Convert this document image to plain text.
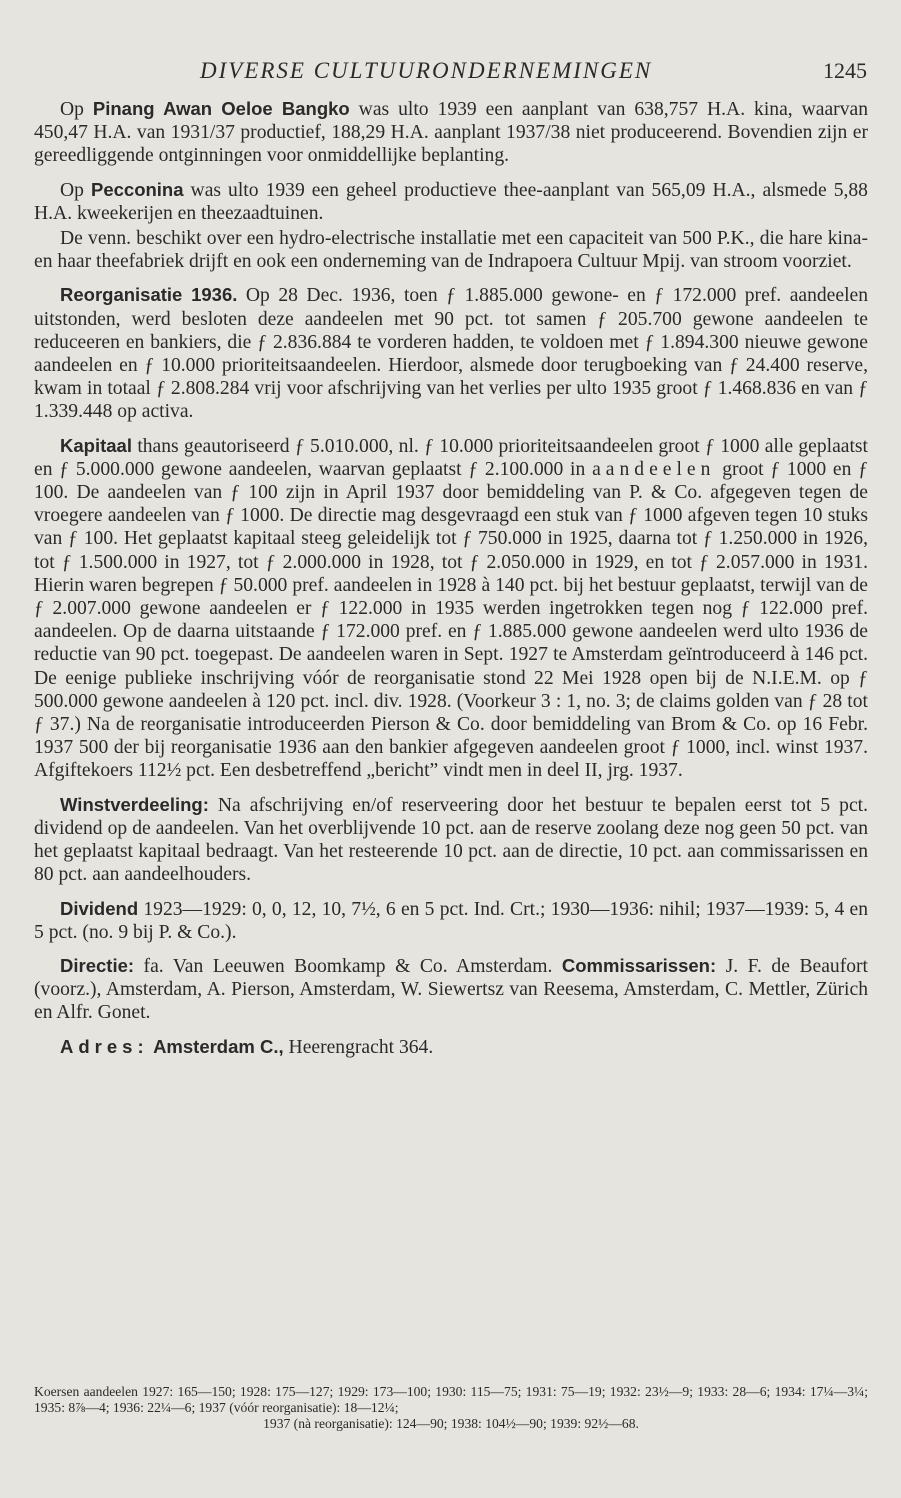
DIVERSE CULTUURONDERNEMINGEN	1245

Op Pinang Awan Oeloe Bangko was ulto 1939 een aanplant van 638,757 H.A. kina, waarvan 450,47 H.A. van 1931/37 productief, 188,29 H.A. aanplant 1937/38 niet produceerend. Bovendien zijn er gereedliggende ontginningen voor onmiddellijke beplanting.

Op Pecconina was ulto 1939 een geheel productieve thee-aanplant van 565,09 H.A., alsmede 5,88 H.A. kweekerijen en theezaadtuinen.

De venn. beschikt over een hydro-electrische installatie met een capaciteit van 500 P.K., die hare kina- en haar theefabriek drijft en ook een onderneming van de Indrapoera Cultuur Mpij. van stroom voorziet.

Reorganisatie 1936. Op 28 Dec. 1936, toen ƒ 1.885.000 gewone- en ƒ 172.000 pref. aandeelen uitstonden, werd besloten deze aandeelen met 90 pct. tot samen ƒ 205.700 gewone aandeelen te reduceeren en bankiers, die ƒ 2.836.884 te vorderen hadden, te voldoen met ƒ 1.894.300 nieuwe gewone aandeelen en ƒ 10.000 prioriteitsaandeelen. Hierdoor, alsmede door terugboeking van ƒ 24.400 reserve, kwam in totaal ƒ 2.808.284 vrij voor afschrijving van het verlies per ulto 1935 groot ƒ 1.468.836 en van ƒ 1.339.448 op activa.

Kapitaal thans geautoriseerd ƒ 5.010.000, nl. ƒ 10.000 prioriteitsaandeelen groot ƒ 1000 alle geplaatst en ƒ 5.000.000 gewone aandeelen, waarvan geplaatst ƒ 2.100.000 in aandeelen groot ƒ 1000 en ƒ 100. De aandeelen van ƒ 100 zijn in April 1937 door bemiddeling van P. & Co. afgegeven tegen de vroegere aandeelen van ƒ 1000. De directie mag desgevraagd een stuk van ƒ 1000 afgeven tegen 10 stuks van ƒ 100. Het geplaatst kapitaal steeg geleidelijk tot ƒ 750.000 in 1925, daarna tot ƒ 1.250.000 in 1926, tot ƒ 1.500.000 in 1927, tot ƒ 2.000.000 in 1928, tot ƒ 2.050.000 in 1929, en tot ƒ 2.057.000 in 1931. Hierin waren begrepen ƒ 50.000 pref. aandeelen in 1928 à 140 pct. bij het bestuur geplaatst, terwijl van de ƒ 2.007.000 gewone aandeelen er ƒ 122.000 in 1935 werden ingetrokken tegen nog ƒ 122.000 pref. aandeelen. Op de daarna uitstaande ƒ 172.000 pref. en ƒ 1.885.000 gewone aandeelen werd ulto 1936 de reductie van 90 pct. toegepast. De aandeelen waren in Sept. 1927 te Amsterdam geïntroduceerd à 146 pct. De eenige publieke inschrijving vóór de reorganisatie stond 22 Mei 1928 open bij de N.I.E.M. op ƒ 500.000 gewone aandeelen à 120 pct. incl. div. 1928. (Voorkeur 3 : 1, no. 3; de claims golden van ƒ 28 tot ƒ 37.) Na de reorganisatie introduceerden Pierson & Co. door bemiddeling van Brom & Co. op 16 Febr. 1937 500 der bij reorganisatie 1936 aan den bankier afgegeven aandeelen groot ƒ 1000, incl. winst 1937. Afgiftekoers 112½ pct. Een desbetreffend „bericht” vindt men in deel II, jrg. 1937.

Winstverdeeling: Na afschrijving en/of reserveering door het bestuur te bepalen eerst tot 5 pct. dividend op de aandeelen. Van het overblijvende 10 pct. aan de reserve zoolang deze nog geen 50 pct. van het geplaatst kapitaal bedraagt. Van het resteerende 10 pct. aan de directie, 10 pct. aan commissarissen en 80 pct. aan aandeelhouders.

Dividend 1923—1929: 0, 0, 12, 10, 7½, 6 en 5 pct. Ind. Crt.; 1930—1936: nihil; 1937—1939: 5, 4 en 5 pct. (no. 9 bij P. & Co.).

Directie: fa. Van Leeuwen Boomkamp & Co. Amsterdam. Commissarissen: J. F. de Beaufort (voorz.), Amsterdam, A. Pierson, Amsterdam, W. Siewertsz van Reesema, Amsterdam, C. Mettler, Zürich en Alfr. Gonet.

Adres: Amsterdam C., Heerengracht 364.

Koersen aandeelen 1927: 165—150; 1928: 175—127; 1929: 173—100; 1930: 115—75; 1931: 75—19; 1932: 23½—9; 1933: 28—6; 1934: 17¼—3¼; 1935: 8⅞—4; 1936: 22¼—6; 1937 (vóór reorganisatie): 18—12¼;
1937 (nà reorganisatie): 124—90; 1938: 104½—90; 1939: 92½—68.
